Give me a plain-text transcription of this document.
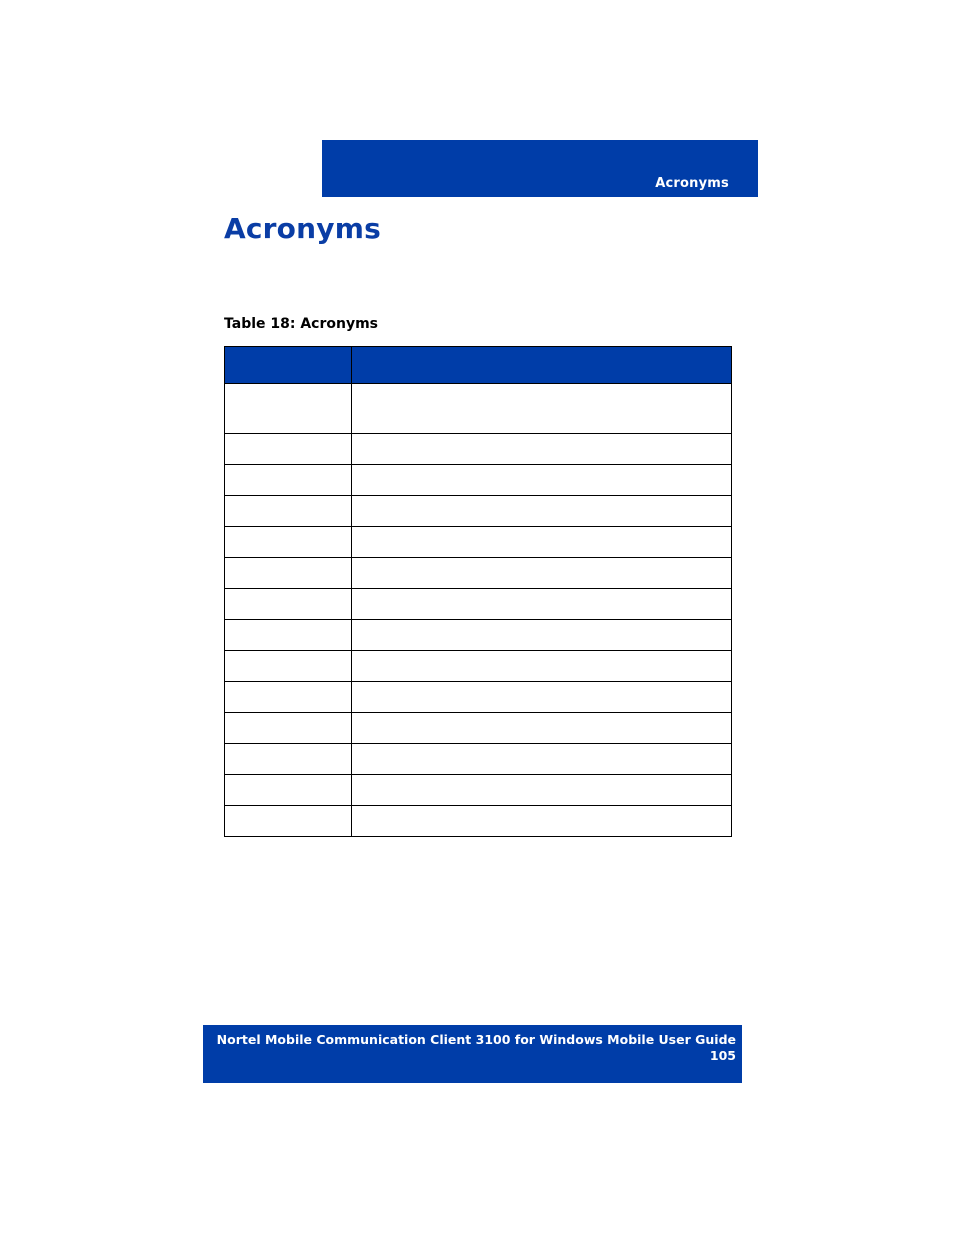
Acronyms
Acronyms
Table 18: Acronyms

Nortel Mobile Communication Client 3100 for Windows Mobile User Guide
105
